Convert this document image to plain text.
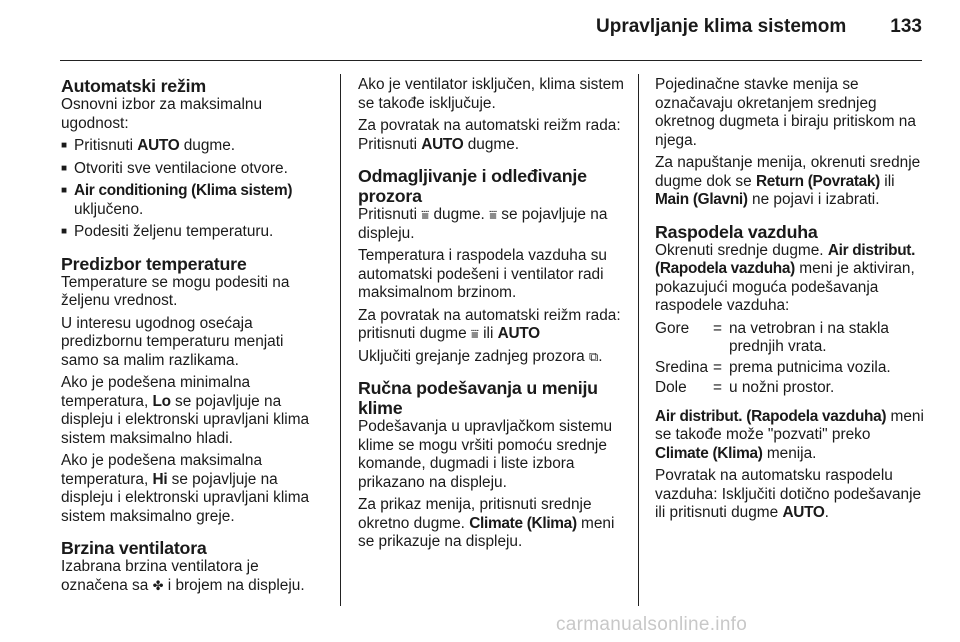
Upravljanje klima sistemom 133
Automatski režim

Osnovni izbor za maksimalnu ugodnost:

■ Pritisnuti AUTO dugme.
■ Otvoriti sve ventilacione otvore.
■ Air conditioning (Klima sistem) uključeno.
■ Podesiti željenu temperaturu.
Predizbor temperature

Temperature se mogu podesiti na željenu vrednost.

U interesu ugodnog osećaja predizbornu temperaturu menjati samo sa malim razlikama.

Ako je podešena minimalna temperatura, Lo se pojavljuje na displeju i elektronski upravljani klima sistem maksimalno hladi.

Ako je podešena maksimalna temperatura, Hi se pojavljuje na displeju i elektronski upravljani klima sistem maksimalno greje.

Brzina ventilatora

Izabrana brzina ventilatora je označena sa ✤ i brojem na displeju.

Ako je ventilator isključen, klima sistem se takođe isključuje.

Za povratak na automatski reižm rada: Pritisnuti AUTO dugme.

Odmagljivanje i odleđivanje prozora

Pritisnuti ⩸ dugme. ⩸ se pojavljuje na displeju.

Temperatura i raspodela vazduha su automatski podešeni i ventilator radi maksimalnom brzinom.

Za povratak na automatski reižm rada: pritisnuti dugme ⩸ ili AUTO

Uključiti grejanje zadnjeg prozora ⧉.

Ručna podešavanja u meniju klime

Podešavanja u upravljačkom sistemu klime se mogu vršiti pomoću srednje komande, dugmadi i liste izbora prikazano na displeju.

Za prikaz menija, pritisnuti srednje okretno dugme. Climate (Klima) meni se prikazuje na displeju.

Pojedinačne stavke menija se označavaju okretanjem srednjeg okretnog dugmeta i biraju pritiskom na njega.

Za napuštanje menija, okrenuti srednje dugme dok se Return (Povratak) ili Main (Glavni) ne pojavi i izabrati.

Raspodela vazduha

Okrenuti srednje dugme. Air distribut. (Rapodela vazduha) meni je aktiviran, pokazujući moguća podešavanja raspodele vazduha:

Gore	= na vetrobran i na stakla prednjih vrata.
Sredina = prema putnicima vozila.
Dole	= u nožni prostor.

Air distribut. (Rapodela vazduha) meni se takođe može "pozvati" preko Climate (Klima) menija.

Povratak na automatsku raspodelu vazduha: Isključiti dotično podešavanje ili pritisnuti dugme AUTO.

carmanualsonline.info
